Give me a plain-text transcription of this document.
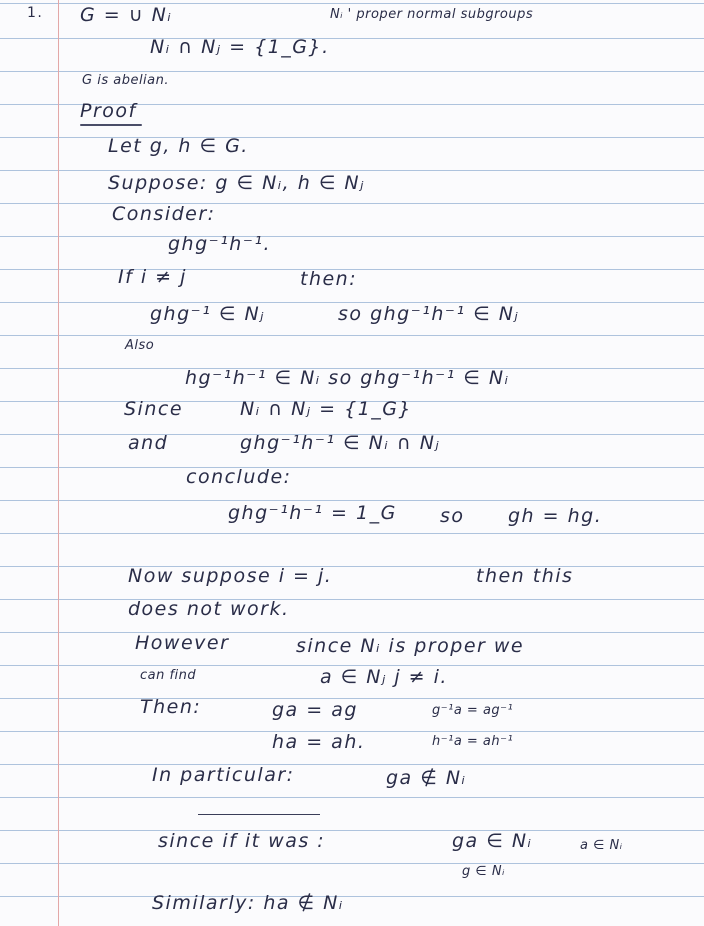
1. G = ∪ Nᵢ	Nᵢ ' proper normal subgroups
Nᵢ ∩ Nⱼ = {1_G}.
G is abelian.
Proof
Let g, h ∈ G.
Suppose: g ∈ Nᵢ, h ∈ Nⱼ
Consider:
ghg⁻¹h⁻¹.
If i ≠ j	then:
ghg⁻¹ ∈ Nⱼ	so ghg⁻¹h⁻¹ ∈ Nⱼ
Also
hg⁻¹h⁻¹ ∈ Nᵢ so ghg⁻¹h⁻¹ ∈ Nᵢ
Since	Nᵢ ∩ Nⱼ = {1_G}
and	ghg⁻¹h⁻¹ ∈ Nᵢ ∩ Nⱼ
conclude:
ghg⁻¹h⁻¹ = 1_G so gh = hg.
Now suppose i = j.	then this
does not work.
However	since Nᵢ is proper we
can find	a ∈ Nⱼ j ≠ i.
Then:	ga = ag	g⁻¹a = ag⁻¹
ha = ah.	h⁻¹a = ah⁻¹
In particular:	ga ∉ Nᵢ
since if it was :	ga ∈ Nᵢ	a ∈ Nᵢ
g ∈ Nᵢ
Similarly: ha ∉ Nᵢ
